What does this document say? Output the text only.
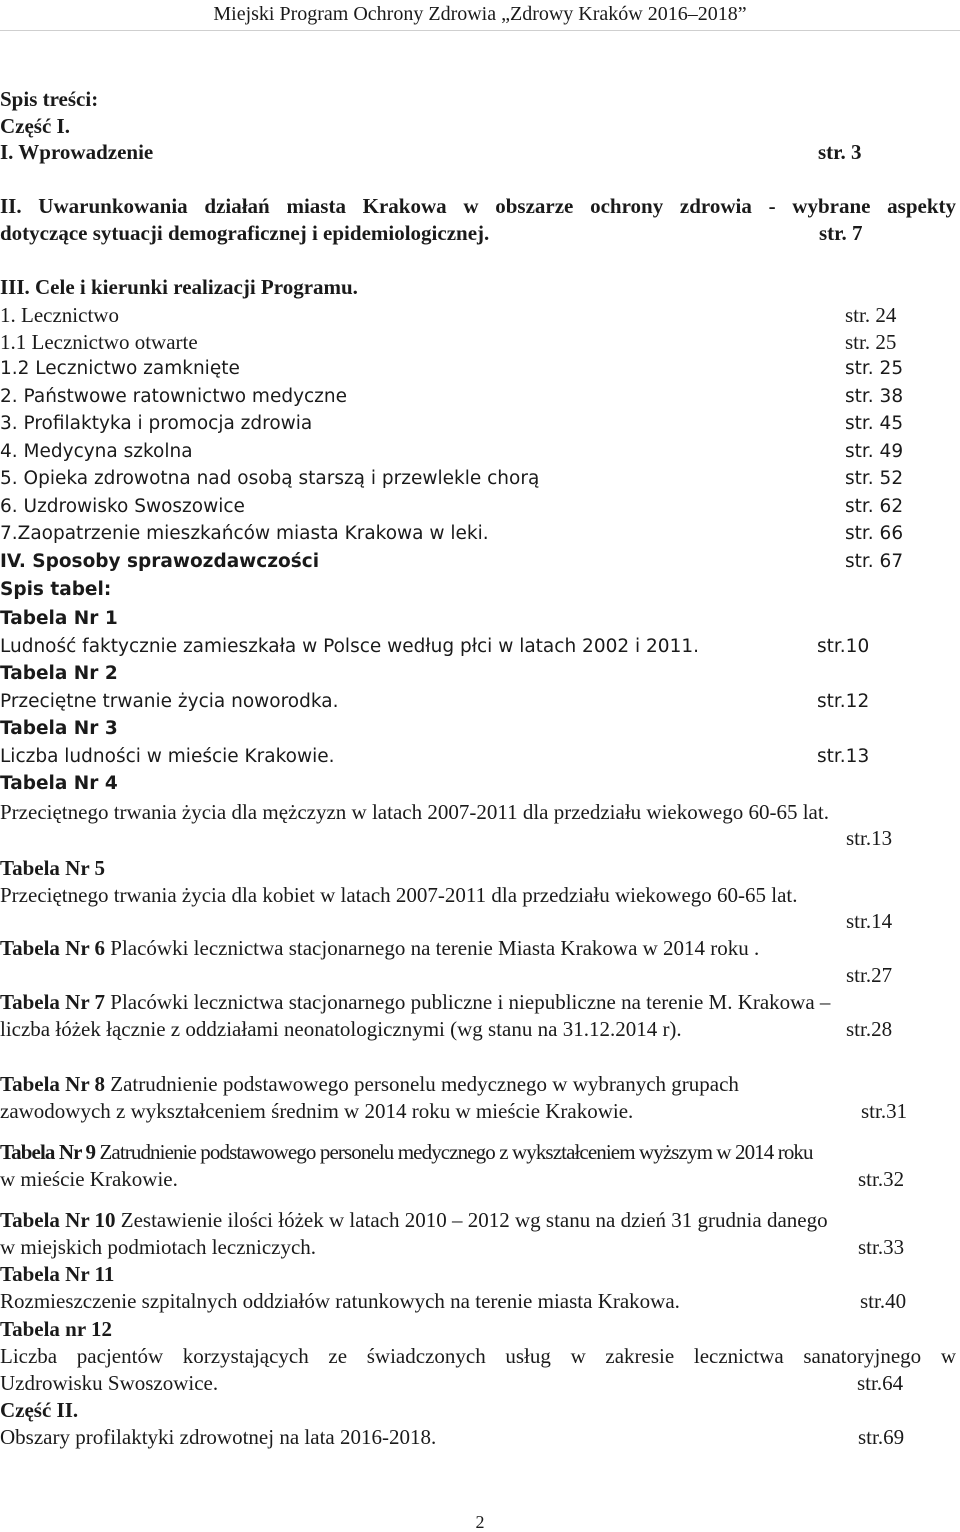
Miejski Program Ochrony Zdrowia „Zdrowy Kraków 2016–2018”
Spis treści:
Część I.
I. Wprowadzenie	str. 3
II. Uwarunkowania działań miasta Krakowa w obszarze ochrony zdrowia - wybrane aspekty
dotyczące sytuacji demograficznej i epidemiologicznej.	str. 7
III. Cele i kierunki realizacji Programu.
1. Lecznictwo	str. 24
1.1 Lecznictwo otwarte	str. 25
1.2 Lecznictwo zamknięte	str. 25
2. Państwowe ratownictwo medyczne	str. 38
3. Profilaktyka i promocja zdrowia	str. 45
4. Medycyna szkolna	str. 49
5. Opieka zdrowotna nad osobą starszą i przewlekle chorą	str. 52
6. Uzdrowisko Swoszowice	str. 62
7.Zaopatrzenie mieszkańców miasta Krakowa w leki.	str. 66
IV. Sposoby sprawozdawczości	str. 67
Spis tabel:
Tabela Nr 1
Ludność faktycznie zamieszkała w Polsce według płci w latach 2002 i 2011.	str.10
Tabela Nr 2
Przeciętne trwanie życia noworodka.	str.12
Tabela Nr 3
Liczba ludności w mieście Krakowie.	str.13
Tabela Nr 4
Przeciętnego trwania życia dla mężczyzn w latach 2007-2011 dla przedziału wiekowego 60-65 lat.
str.13
Tabela Nr 5
Przeciętnego trwania życia dla kobiet w latach 2007-2011 dla przedziału wiekowego 60-65 lat.
str.14
Tabela Nr 6 Placówki lecznictwa stacjonarnego na terenie Miasta Krakowa w 2014 roku .
str.27
Tabela Nr 7 Placówki lecznictwa stacjonarnego publiczne i niepubliczne na terenie M. Krakowa –
liczba łóżek łącznie z oddziałami neonatologicznymi (wg stanu na 31.12.2014 r).	str.28
Tabela Nr 8 Zatrudnienie podstawowego personelu medycznego w wybranych grupach
zawodowych z wykształceniem średnim w 2014 roku w mieście Krakowie.	str.31
Tabela Nr 9 Zatrudnienie podstawowego personelu medycznego z wykształceniem wyższym w 2014 roku
w mieście Krakowie.	str.32
Tabela Nr 10 Zestawienie ilości łóżek w latach 2010 – 2012 wg stanu na dzień 31 grudnia danego
w miejskich podmiotach leczniczych.	str.33
Tabela Nr 11
Rozmieszczenie szpitalnych oddziałów ratunkowych na terenie miasta Krakowa.	str.40
Tabela nr 12
Liczba pacjentów korzystających ze świadczonych usług w zakresie lecznictwa sanatoryjnego w
Uzdrowisku Swoszowice.	str.64
Część II.
Obszary profilaktyki zdrowotnej na lata 2016-2018.	str.69
2
